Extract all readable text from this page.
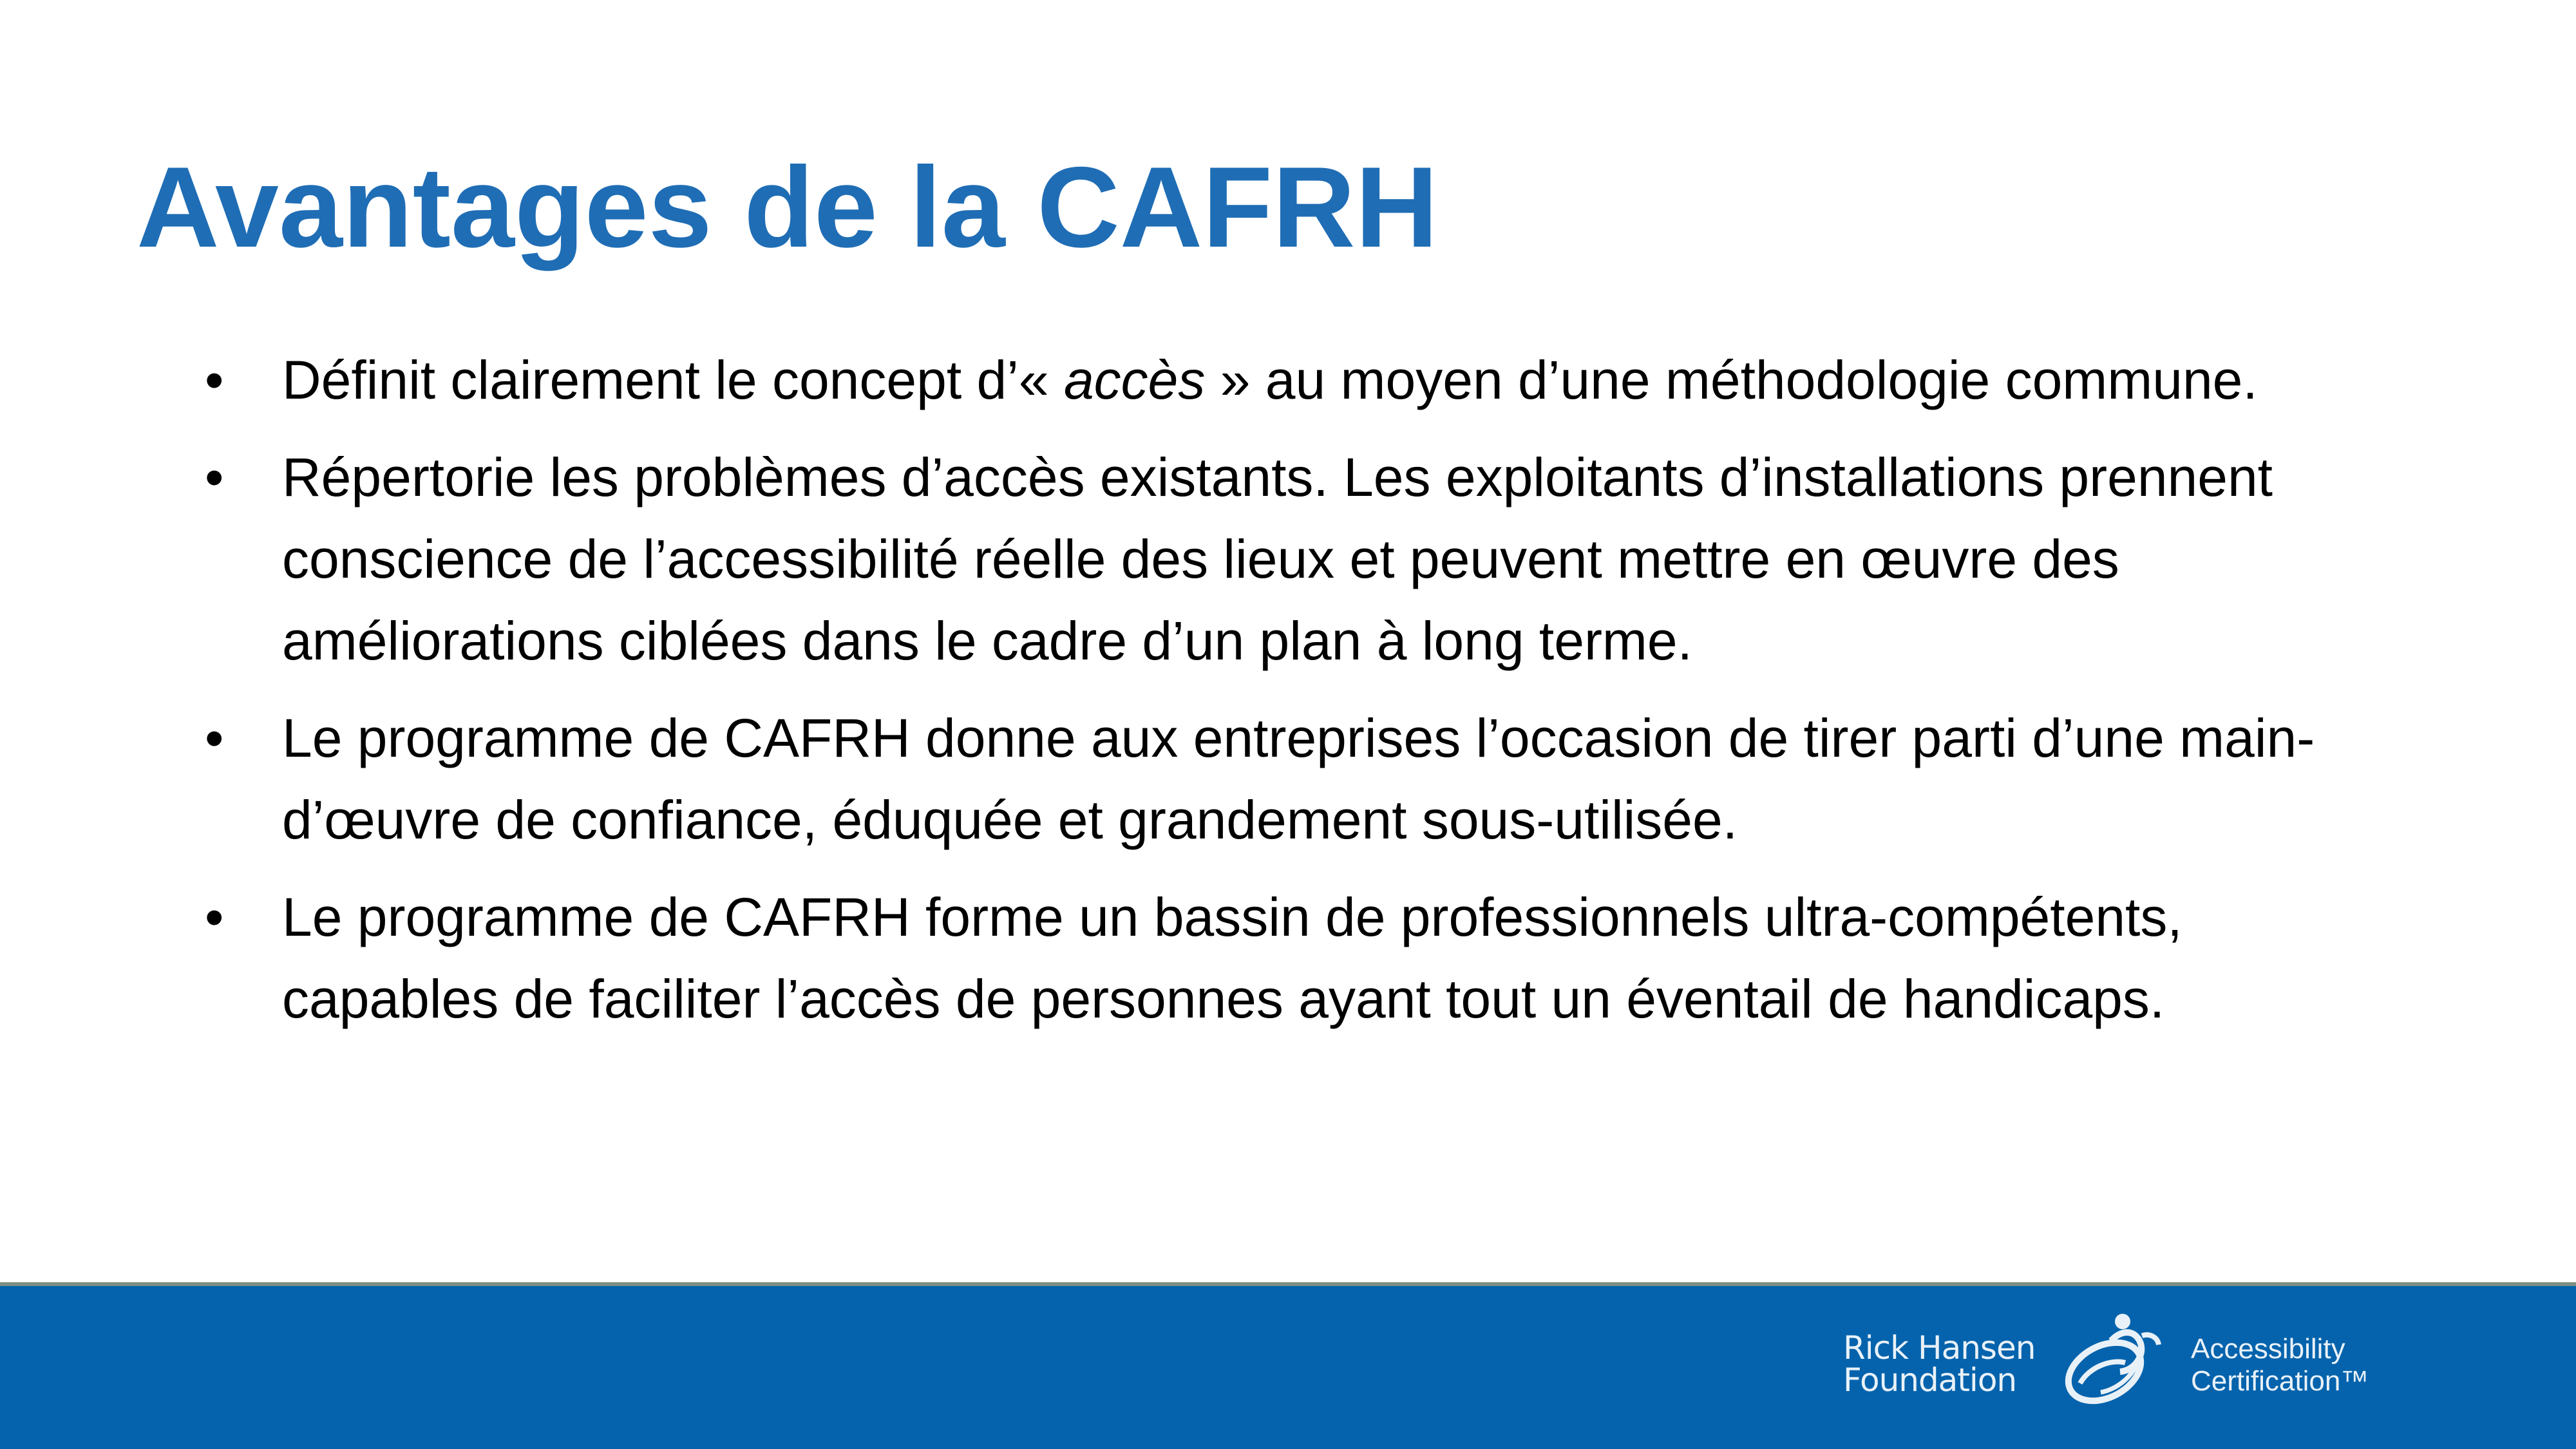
Avantages de la CAFRH
•	Définit clairement le concept d’« accès » au moyen d’une méthodologie commune.
•	Répertorie les problèmes d’accès existants. Les exploitants d’installations prennent conscience de l’accessibilité réelle des lieux et peuvent mettre en œuvre des améliorations ciblées dans le cadre d’un plan à long terme.
•	Le programme de CAFRH donne aux entreprises l’occasion de tirer parti d’une main-d’œuvre de confiance, éduquée et grandement sous-utilisée.
•	Le programme de CAFRH forme un bassin de professionnels ultra-compétents, capables de faciliter l’accès de personnes ayant tout un éventail de handicaps.
Rick Hansen
Foundation
Accessibility
Certification™
